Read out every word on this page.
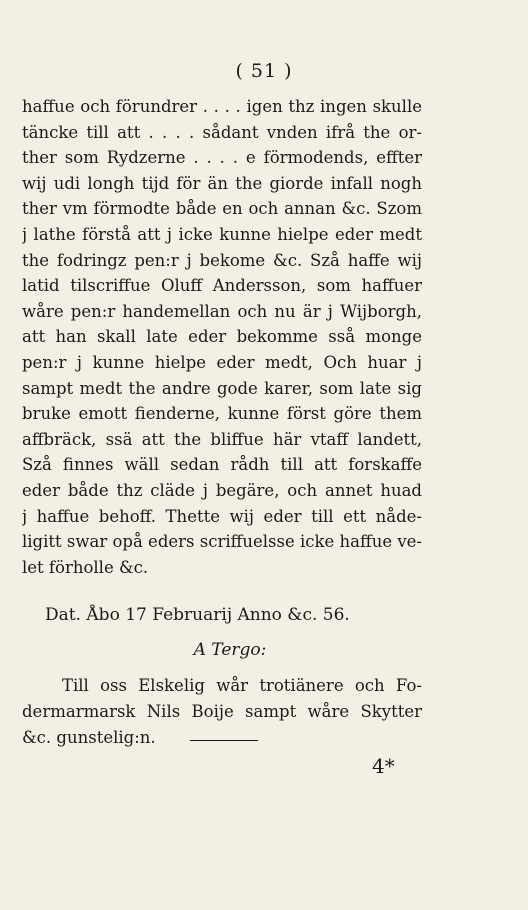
( 51 )
haffue och förundrer . . . . igen thz ingen skulle
täncke till att . . . . sådant vnden ifrå the or-
ther som Rydzerne . . . . e förmodends, effter
wij udi longh tijd för än the giorde infall nogh
ther vm förmodte både en och annan &c. Szom
j lathe förstå att j icke kunne hielpe eder medt
the fodringz pen:r j bekome &c. Szå haffe wij
latid tilscriffue Oluff Andersson, som haffuer
wåre pen:r handemellan och nu är j Wijborgh,
att han skall late eder bekomme sså monge
pen:r j kunne hielpe eder medt, Och huar j
sampt medt the andre gode karer, som late sig
bruke emott fienderne, kunne först göre them
affbräck, ssä att the bliffue här vtaff landett,
Szå finnes wäll sedan rådh till att forskaffe
eder både thz cläde j begäre, och annet huad
j haffue behoff. Thette wij eder till ett nåde-
ligitt swar opå eders scriffuelsse icke haffue ve-
let förholle &c.
Dat. Åbo 17 Februarij Anno &c. 56.
A Tergo:
Till oss Elskelig wår trotiänere och Fo-
dermarmarsk Nils Boije sampt wåre Skytter
&c. gunstelig:n.
4*
